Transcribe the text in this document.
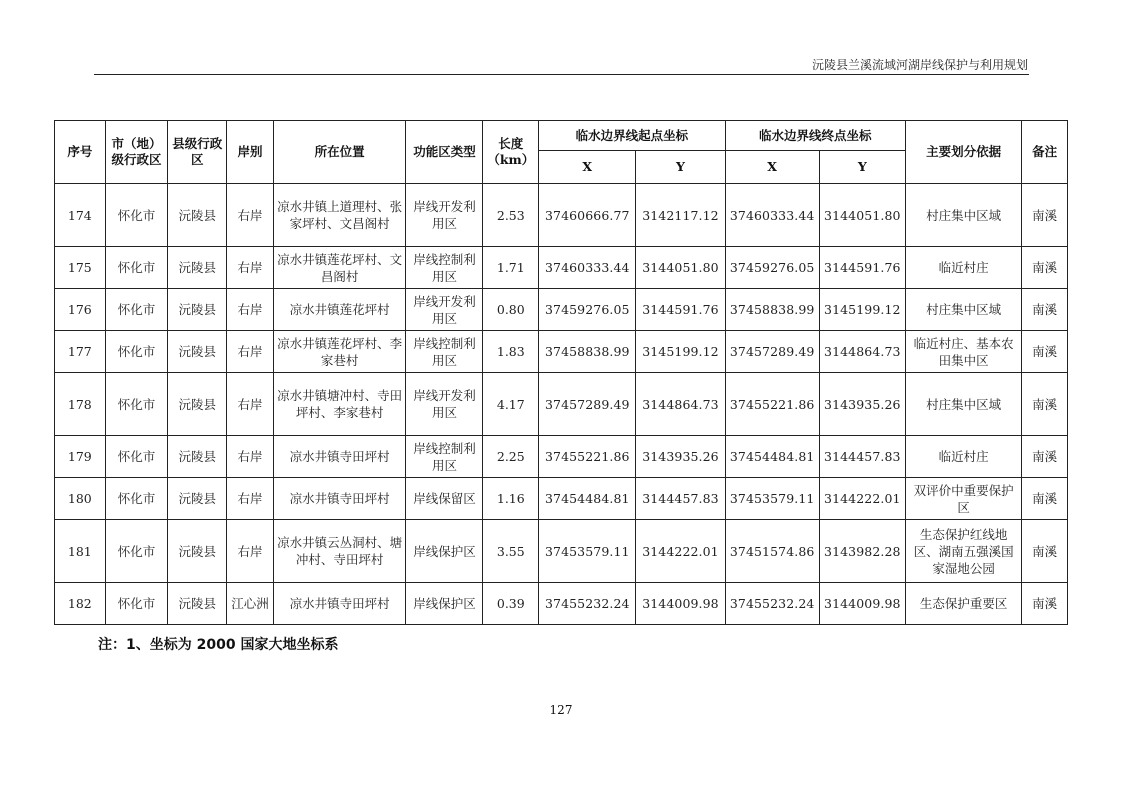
沅陵县兰溪流域河湖岸线保护与利用规划
序号	市（地）级行政区	县级行政区	岸别	所在位置	功能区类型	长度（km）	临水边界线起点坐标		临水边界线终点坐标		主要划分依据	备注
							X	Y	X	Y		
174	怀化市	沅陵县	右岸	凉水井镇上道理村、张家坪村、文昌阁村	岸线开发利用区	2.53	37460666.77	3142117.12	37460333.44	3144051.80	村庄集中区域	南溪
175	怀化市	沅陵县	右岸	凉水井镇莲花坪村、文昌阁村	岸线控制利用区	1.71	37460333.44	3144051.80	37459276.05	3144591.76	临近村庄	南溪
176	怀化市	沅陵县	右岸	凉水井镇莲花坪村	岸线开发利用区	0.80	37459276.05	3144591.76	37458838.99	3145199.12	村庄集中区域	南溪
177	怀化市	沅陵县	右岸	凉水井镇莲花坪村、李家巷村	岸线控制利用区	1.83	37458838.99	3145199.12	37457289.49	3144864.73	临近村庄、基本农田集中区	南溪
178	怀化市	沅陵县	右岸	凉水井镇塘冲村、寺田坪村、李家巷村	岸线开发利用区	4.17	37457289.49	3144864.73	37455221.86	3143935.26	村庄集中区域	南溪
179	怀化市	沅陵县	右岸	凉水井镇寺田坪村	岸线控制利用区	2.25	37455221.86	3143935.26	37454484.81	3144457.83	临近村庄	南溪
180	怀化市	沅陵县	右岸	凉水井镇寺田坪村	岸线保留区	1.16	37454484.81	3144457.83	37453579.11	3144222.01	双评价中重要保护区	南溪
181	怀化市	沅陵县	右岸	凉水井镇云丛洞村、塘冲村、寺田坪村	岸线保护区	3.55	37453579.11	3144222.01	37451574.86	3143982.28	生态保护红线地区、湖南五强溪国家湿地公园	南溪
182	怀化市	沅陵县	江心洲	凉水井镇寺田坪村	岸线保护区	0.39	37455232.24	3144009.98	37455232.24	3144009.98	生态保护重要区	南溪
注：1、坐标为 2000 国家大地坐标系
127
